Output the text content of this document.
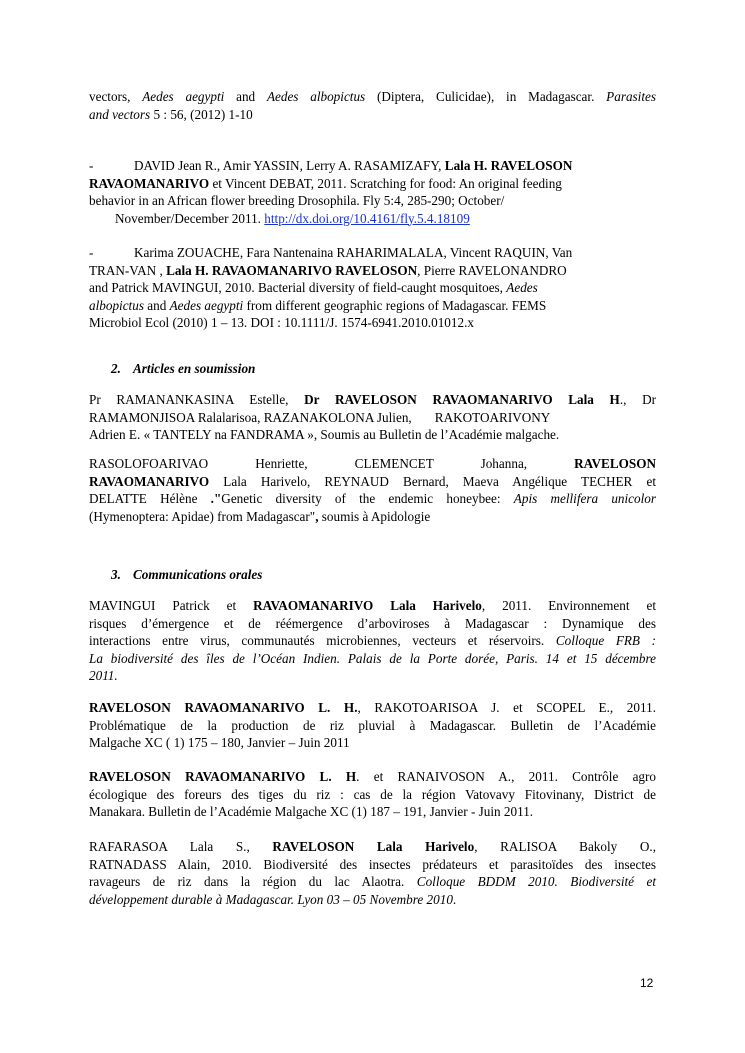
vectors, Aedes aegypti and Aedes albopictus (Diptera, Culicidae), in Madagascar. Parasites
and vectors 5 : 56, (2012) 1-10
-	DAVID Jean R., Amir YASSIN, Lerry A. RASAMIZAFY, Lala H. RAVELOSON
RAVAOMANARIVO et Vincent DEBAT, 2011. Scratching for food: An original feeding
behavior in an African flower breeding Drosophila. Fly 5:4, 285-290; October/
November/December 2011. http://dx.doi.org/10.4161/fly.5.4.18109
-	Karima ZOUACHE, Fara Nantenaina RAHARIMALALA, Vincent RAQUIN, Van
TRAN-VAN , Lala H. RAVAOMANARIVO RAVELOSON, Pierre RAVELONANDRO
and Patrick MAVINGUI, 2010. Bacterial diversity of field-caught mosquitoes, Aedes
albopictus and Aedes aegypti from different geographic regions of Madagascar. FEMS
Microbiol Ecol (2010) 1 – 13. DOI : 10.1111/J. 1574-6941.2010.01012.x
2. Articles en soumission
Pr RAMANANKASINA Estelle, Dr RAVELOSON RAVAOMANARIVO Lala H., Dr
RAMAMONJISOA Ralalarisoa, RAZANAKOLONA Julien,       RAKOTOARIVONY
Adrien E. « TANTELY na FANDRAMA », Soumis au Bulletin de l’Académie malgache.
RASOLOFOARIVAO Henriette, CLEMENCET Johanna, RAVELOSON
RAVAOMANARIVO Lala Harivelo, REYNAUD Bernard, Maeva Angélique TECHER et
DELATTE Hélène ."Genetic diversity of the endemic honeybee: Apis mellifera unicolor
(Hymenoptera: Apidae) from Madagascar", soumis à Apidologie
3. Communications orales
MAVINGUI Patrick et RAVAOMANARIVO Lala Harivelo, 2011. Environnement et
risques d’émergence et de réémergence d’arboviroses à Madagascar : Dynamique des
interactions entre virus, communautés microbiennes, vecteurs et réservoirs. Colloque FRB :
La biodiversité des îles de l’Océan Indien. Palais de la Porte dorée, Paris. 14 et 15 décembre
2011.
RAVELOSON RAVAOMANARIVO L. H., RAKOTOARISOA J. et SCOPEL E., 2011.
Problématique de la production de riz pluvial à Madagascar. Bulletin de l’Académie
Malgache XC ( 1) 175 – 180, Janvier – Juin 2011
RAVELOSON RAVAOMANARIVO L. H. et RANAIVOSON A., 2011. Contrôle agro
écologique des foreurs des tiges du riz : cas de la région Vatovavy Fitovinany, District de
Manakara. Bulletin de l’Académie Malgache XC (1) 187 – 191, Janvier - Juin 2011.
RAFARASOA Lala S., RAVELOSON Lala Harivelo, RALISOA Bakoly O.,
RATNADASS Alain, 2010. Biodiversité des insectes prédateurs et parasitoïdes des insectes
ravageurs de riz dans la région du lac Alaotra. Colloque BDDM 2010. Biodiversité et
développement durable à Madagascar. Lyon 03 – 05 Novembre 2010.
12
